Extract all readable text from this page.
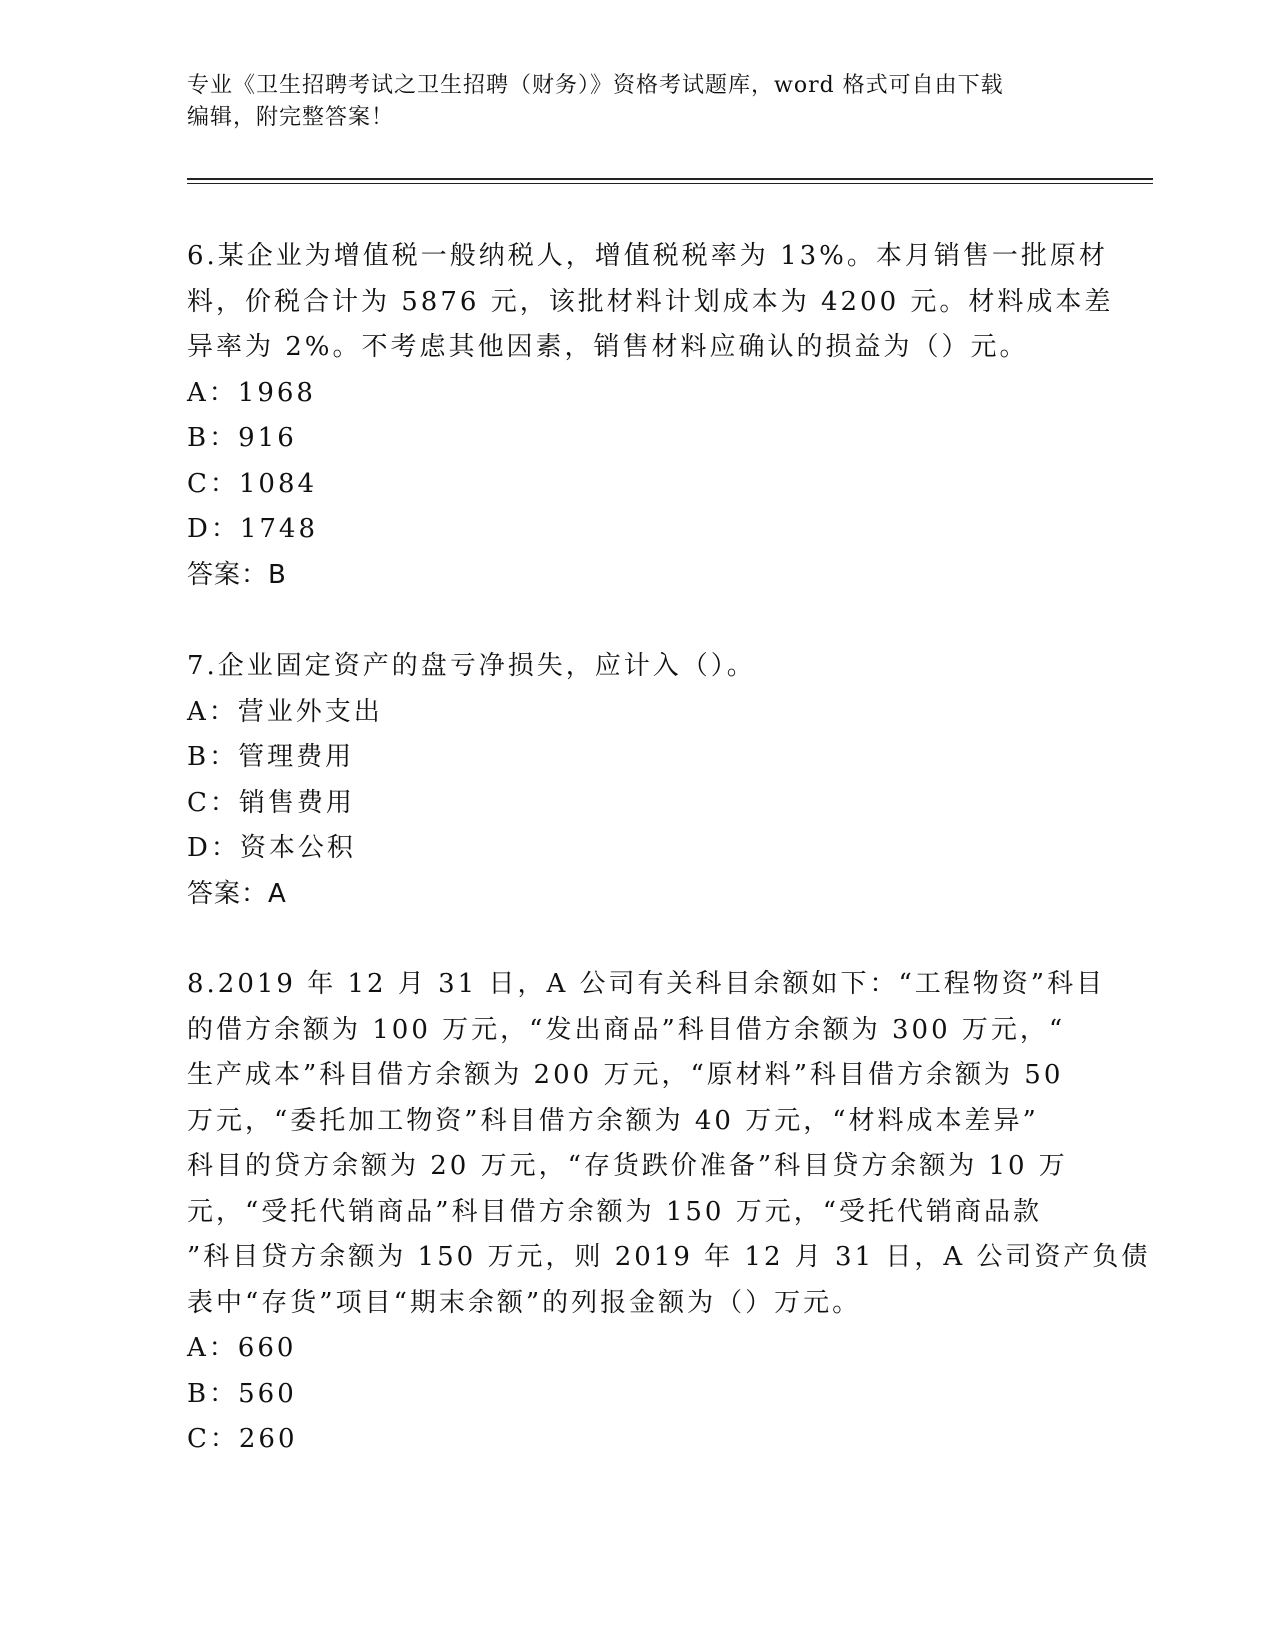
专业《卫生招聘考试之卫生招聘（财务）》资格考试题库，word 格式可自由下载
编辑，附完整答案！
6.某企业为增值税一般纳税人，增值税税率为 13%。本月销售一批原材
料，价税合计为 5876 元，该批材料计划成本为 4200 元。材料成本差
异率为 2%。不考虑其他因素，销售材料应确认的损益为（）元。
A：1968
B：916
C：1084
D：1748
答案：B
7.企业固定资产的盘亏净损失，应计入（）。
A：营业外支出
B：管理费用
C：销售费用
D：资本公积
答案：A
8.2019 年 12 月 31 日，A 公司有关科目余额如下：“工程物资”科目
的借方余额为 100 万元，“发出商品”科目借方余额为 300 万元，“
生产成本”科目借方余额为 200 万元，“原材料”科目借方余额为 50
万元，“委托加工物资”科目借方余额为 40 万元，“材料成本差异”
科目的贷方余额为 20 万元，“存货跌价准备”科目贷方余额为 10 万
元，“受托代销商品”科目借方余额为 150 万元，“受托代销商品款
”科目贷方余额为 150 万元，则 2019 年 12 月 31 日，A 公司资产负债
表中“存货”项目“期末余额”的列报金额为（）万元。
A：660
B：560
C：260
